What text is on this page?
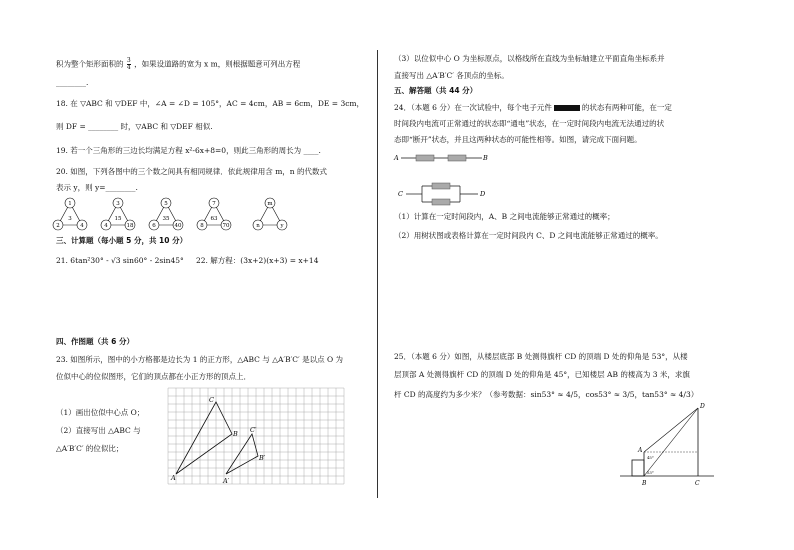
积为整个矩形面积的 $\frac{3}{4}$ ，如果设道路的宽为 x m，则根据题意可列出方程
________.
18. 在 ▽ABC 和 ▽DEF 中，∠A = ∠D = 105°，AC = 4cm，AB = 6cm，DE = 3cm，
则 DF = ________ 时，▽ABC 和 ▽DEF 相似.
19. 若一个三角形的三边长均满足方程 x²-6x+8=0，则此三角形的周长为 ____.
20. 如图，下列各图中的三个数之间具有相同规律．依此规律用含 m，n 的代数式
表示 y，则 y=________.
1
2	4
3
3
4	18
15
5
6	40
35
7
8	70
63
m
n	y
三、计算题（每小题 5 分，共 10 分）
21. 6tan²30° - √3 sin60° - 2sin45° 22. 解方程：(3x+2)(x+3) = x+14
四、作图题（共 6 分）
23. 如图所示，图中的小方格都是边长为 1 的正方形，△ABC 与 △A′B′C′ 是以点 O 为
位似中心的位似图形，它们的顶点都在小正方形的顶点上．
（1）画出位似中心点 O；
（2）直接写出 △ABC 与
△A′B′C′ 的位似比；
A
C
B
A′
C′
B′
（3）以位似中心 O 为坐标原点，以格线所在直线为坐标轴建立平面直角坐标系并
直接写出 △A′B′C′ 各顶点的坐标。
五、解答题（共 44 分）
24．（本题 6 分）在一次试验中，每个电子元件	的状态有两种可能，在一定
时间段内电流可正常通过的状态即“通电”状态，在一定时间段内电流无法通过的状
态即“断开”状态，并且这两种状态的可能性相等。如图，请完成下面问题。
A	B
C	D
（1）计算在一定时间段内，A、B 之间电流能够正常通过的概率；
（2）用树状图或表格计算在一定时间段内 C、D 之间电流能够正常通过的概率。
25．（本题 6 分）如图，从楼层底部 B 处测得旗杆 CD 的顶端 D 处的仰角是 53°，从楼
层顶部 A 处测得旗杆 CD 的顶端 D 处的仰角是 45°，已知楼层 AB 的楼高为 3 米，求旗
杆 CD 的高度约为多少米？（参考数据：sin53° ≈ 4/5，cos53° ≈ 3/5，tan53° ≈ 4/3）
A
B	C
D
45°
53°
